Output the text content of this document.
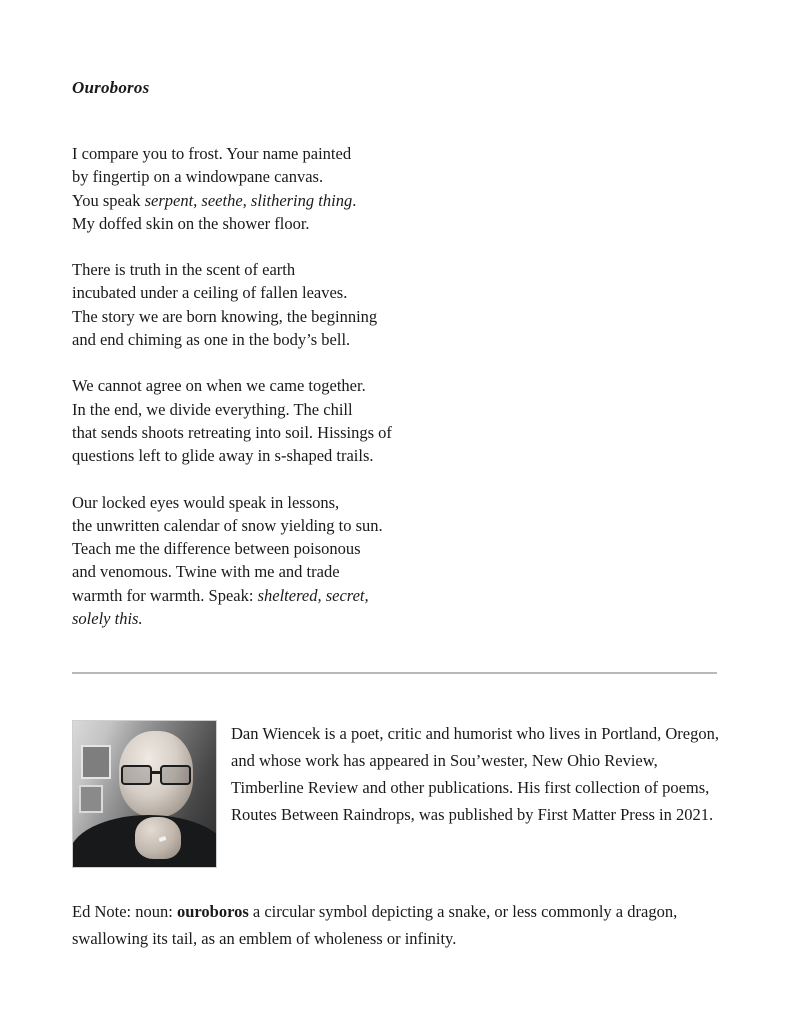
Ouroboros
I compare you to frost. Your name painted
by fingertip on a windowpane canvas.
You speak serpent, seethe, slithering thing.
My doffed skin on the shower floor.
There is truth in the scent of earth
incubated under a ceiling of fallen leaves.
The story we are born knowing, the beginning
and end chiming as one in the body’s bell.
We cannot agree on when we came together.
In the end, we divide everything. The chill
that sends shoots retreating into soil. Hissings of
questions left to glide away in s-shaped trails.
Our locked eyes would speak in lessons,
the unwritten calendar of snow yielding to sun.
Teach me the difference between poisonous
and venomous. Twine with me and trade
warmth for warmth. Speak: sheltered, secret,
solely this.
Dan Wiencek is a poet, critic and humorist who lives in Portland, Oregon, and whose work has appeared in Sou’wester, New Ohio Review, Timberline Review and other publications. His first collection of poems, Routes Between Raindrops, was published by First Matter Press in 2021.
Ed Note: noun: ouroboros a circular symbol depicting a snake, or less commonly a dragon, swallowing its tail, as an emblem of wholeness or infinity.
